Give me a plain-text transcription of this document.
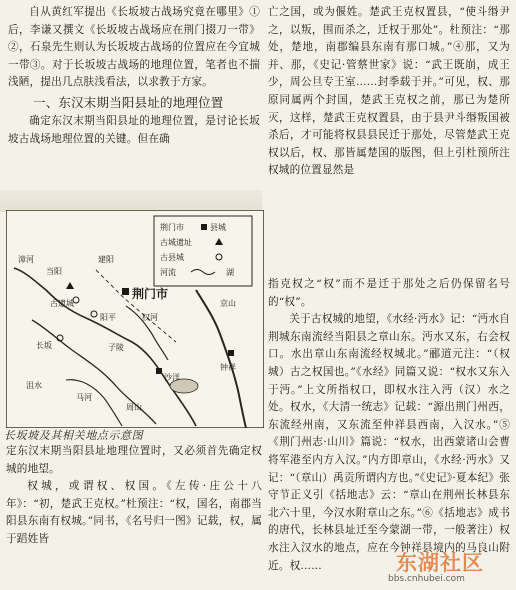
自从黄红军提出《长坂坡古战场究竟在哪里》①后，李谦又撰文《长坂坡古战场应在荆门掇刀一带》②，石泉先生则认为长坂坡古战场的位置应在今宜城一带③。对于长坂坡古战场的地理位置，笔者也不揣浅陋，提出几点肤浅看法，以求教于方家。

一、东汉末期当阳县址的地理位置

确定东汉末期当阳县址的地理位置，是讨论长坂坡古战场地理位置的关键。但在确

荆门市	县城
古城遗址
古县城
河流	湖
荆门市
当阳
建阳
古遗城
阳平
漳河
沙洋
子陵
长坂
权河
马河
沮水
京山
周山
钟祥
长坂坡及其相关地点示意图

定东汉末期当阳县址地理位置时，又必须首先确定权城的地望。

权城，或谓权、权国。《左传·庄公十八年》：“初，楚武王克权。”杜预注：“权，国名，南郡当阳县东南有权城。”同书，《名号归一图》记载，权，属于蹈姓皆

亡之国，或为偃姓。楚武王克权置县，“使斗缗尹之，以叛，围而杀之，迁权于那处”。杜预注：“那处，楚地，南郡编县东南有那口城。”④那，又为并、那，《史记·管蔡世家》说：“武王既崩，成王少，周公旦专王室……封季载于并。”可见，权、那原同属两个封国，楚武王克权之前，那已为楚所灭，这样，楚武王克权置县，由于县尹斗缗叛国被杀后，才可能将权县县民迁于那处，尽管楚武王克权以后，权、那皆属楚国的版图，但上引杜预所注权城的位置显然是

指克权之“权”而不是迁于那处之后仍保留名号的“权”。

关于古权城的地望，《水经·沔水》记：“沔水自荆城东南流经当阳县之章山东。沔水又东，右会权口。水出章山东南流经权城北。”郦道元注：“（权城）古之权国也。”《水经》同篇又说：“权水又东入于沔。”上文所指权口，即权水注入沔（汉）水之处。权水，《大清一统志》记载：“源出荆门州西，东流经州南，又东流至仲祥县西南，入汉水。”⑤《荆门州志·山川》篇说：“权水，出西蒙诸山会曹将军港至内方入汉。”内方即章山，《水经·沔水》又记：“（章山）禹贡所谓内方也。”《史记》·夏本纪》张守节正义引《括地志》云：“章山在荆州长林县东北六十里，今汉水附章山之东。”⑥《括地志》成书的唐代，长林县址迁至今蒙湖一带，一般著注）权水注入汉水的地点，应在今钟祥县境内的马良山附近。权……	东湖社区
bbs.cnhubei.com
